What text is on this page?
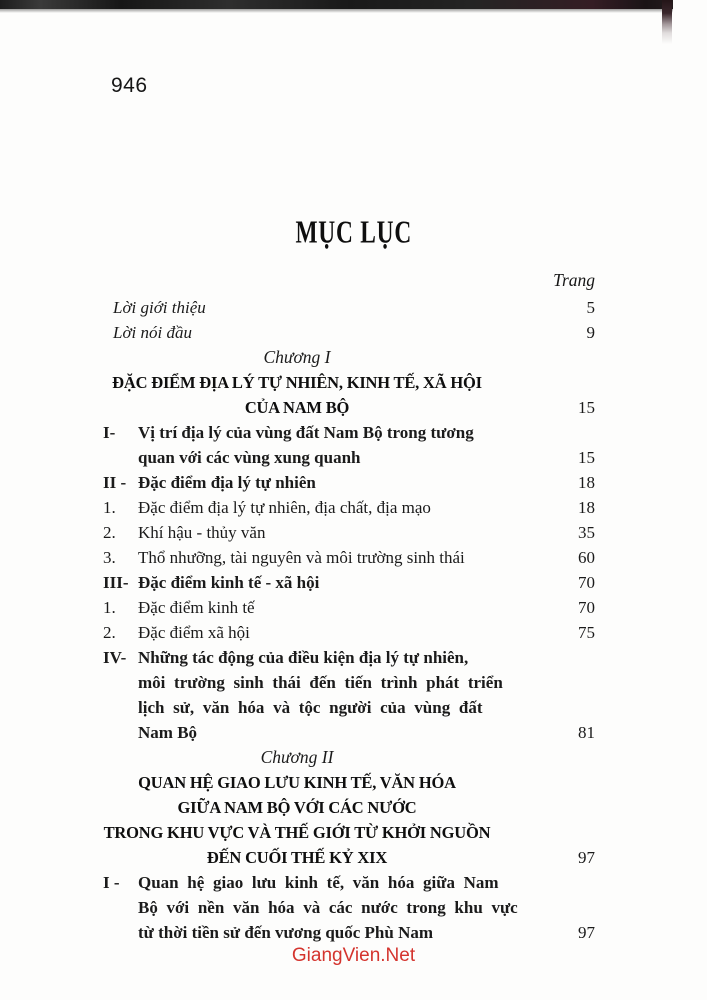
946
MỤC LỤC
Trang
Lời giới thiệu	5
Lời nói đầu	9
Chương I
ĐẶC ĐIỂM ĐỊA LÝ TỰ NHIÊN, KINH TẾ, XÃ HỘI
CỦA NAM BỘ	15
I- Vị trí địa lý của vùng đất Nam Bộ trong tương
quan với các vùng xung quanh	15
II - Đặc điểm địa lý tự nhiên	18
1. Đặc điểm địa lý tự nhiên, địa chất, địa mạo	18
2. Khí hậu - thủy văn	35
3. Thổ nhưỡng, tài nguyên và môi trường sinh thái	60
III- Đặc điểm kinh tế - xã hội	70
1. Đặc điểm kinh tế	70
2. Đặc điểm xã hội	75
IV- Những tác động của điều kiện địa lý tự nhiên,
môi trường sinh thái đến tiến trình phát triển
lịch sử, văn hóa và tộc người của vùng đất
Nam Bộ	81
Chương II
QUAN HỆ GIAO LƯU KINH TẾ, VĂN HÓA
GIỮA NAM BỘ VỚI CÁC NƯỚC
TRONG KHU VỰC VÀ THẾ GIỚI TỪ KHỞI NGUỒN
ĐẾN CUỐI THẾ KỶ XIX	97
I - Quan hệ giao lưu kinh tế, văn hóa giữa Nam
Bộ với nền văn hóa và các nước trong khu vực
từ thời tiền sử đến vương quốc Phù Nam	97
GiangVien.Net
